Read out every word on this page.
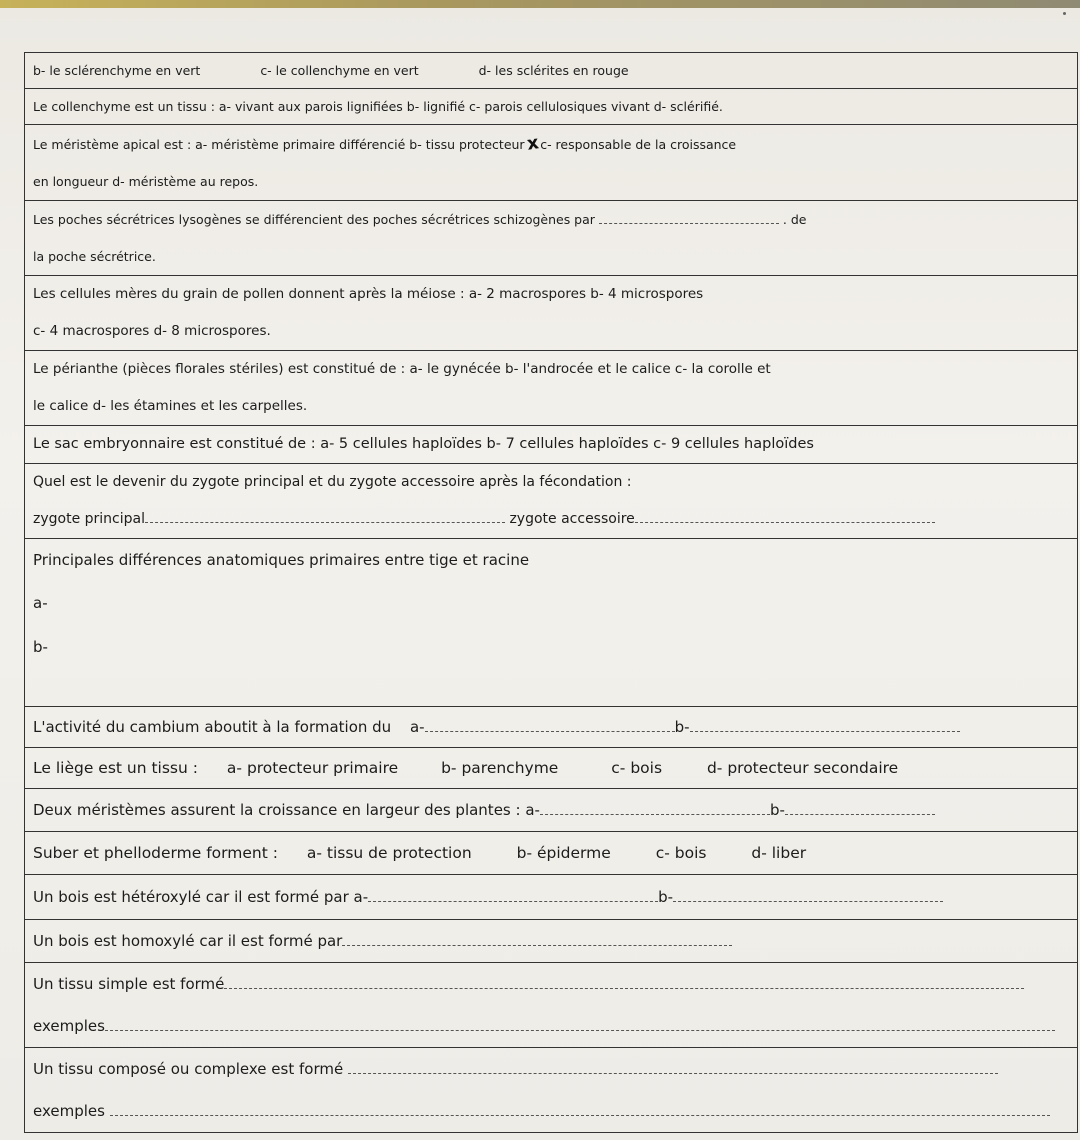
b- le sclérenchyme en vert	c- le collenchyme en vert	d- les sclérites en rouge
Le collenchyme est un tissu : a- vivant aux parois lignifiées b- lignifié c- parois cellulosiques vivant d- sclérifié.
Le méristème apical est : a- méristème primaire différencié b- tissu protecteurxc- responsable de la croissance
en longueur d- méristème au repos.
Les poches sécrétrices lysogènes se différencient des poches sécrétrices schizogènes par	. de
la poche sécrétrice.
Les cellules mères du grain de pollen donnent après la méiose : a- 2 macrospores b- 4 microspores
c- 4 macrospores d- 8 microspores.
Le périanthe (pièces florales stériles) est constitué de : a- le gynécée b- l'androcée et le calice c- la corolle et
le calice d- les étamines et les carpelles.
Le sac embryonnaire est constitué de : a- 5 cellules haploïdes b- 7 cellules haploïdes c- 9 cellules haploïdes
Quel est le devenir du zygote principal et du zygote accessoire après la fécondation :
zygote principal	zygote accessoire
Principales différences anatomiques primaires entre tige et racine
a-
b-
L'activité du cambium aboutit à la formation du a-	b-
Le liège est un tissu : a- protecteur primaire	b- parenchyme	c- bois	d- protecteur secondaire
Deux méristèmes assurent la croissance en largeur des plantes : a-	b-
Suber et phelloderme forment : a- tissu de protection	b- épiderme	c- bois	d- liber
Un bois est hétéroxylé car il est formé par a-	b-
Un bois est homoxylé car il est formé par
Un tissu simple est formé
exemples
Un tissu composé ou complexe est formé
exemples
